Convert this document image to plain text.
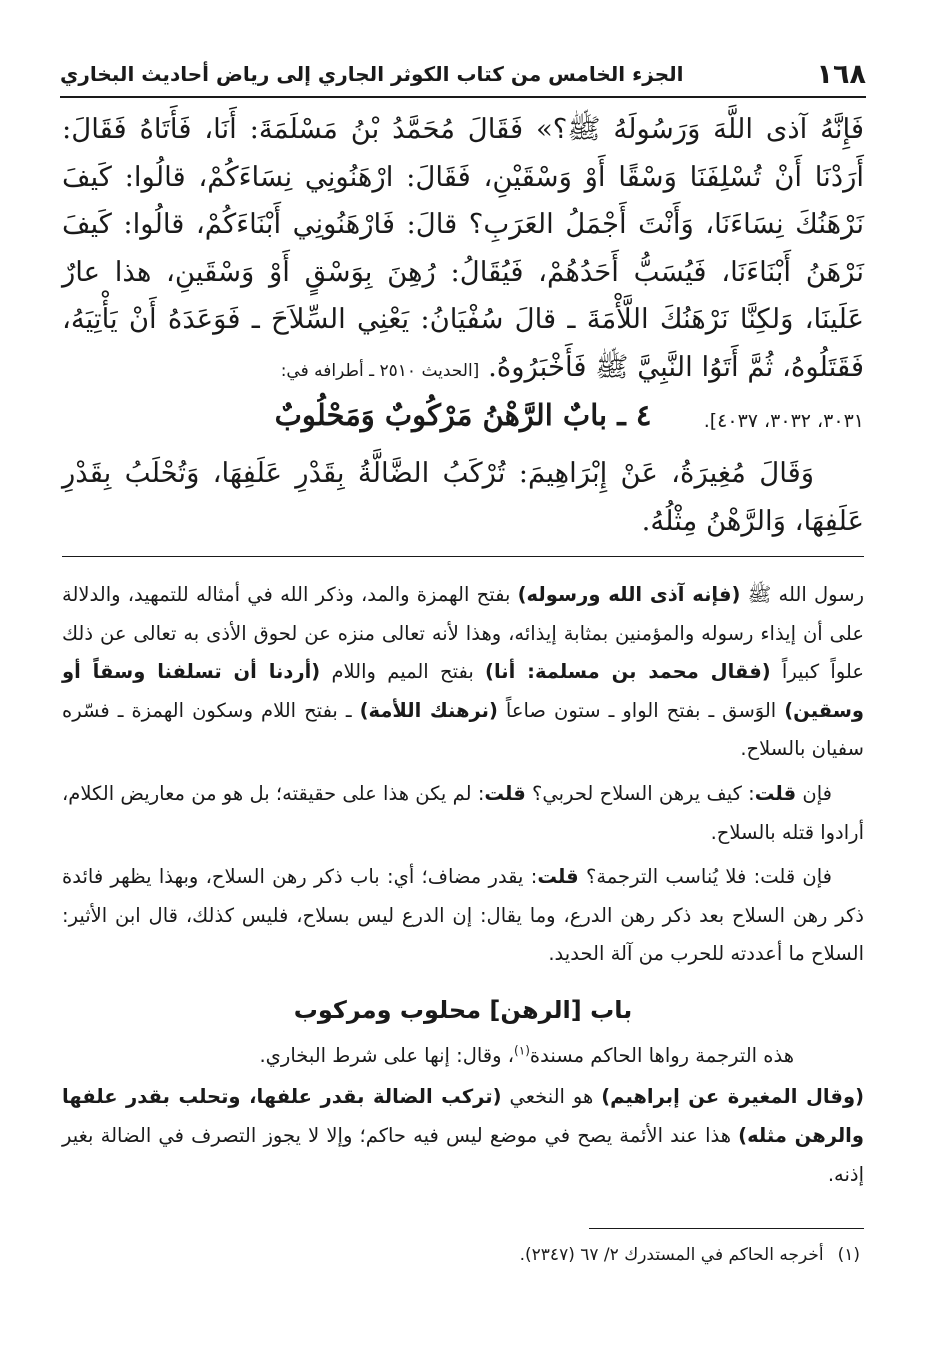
١٦٨
الجزء الخامس من كتاب الكوثر الجاري إلى رياض أحاديث البخاري

فَإِنَّهُ آذى اللَّهَ وَرَسُولَهُ ﷺ؟» فَقَالَ مُحَمَّدُ بْنُ مَسْلَمَةَ: أَنَا، فَأَتَاهُ فَقَالَ: أَرَدْنَا أَنْ تُسْلِفَنَا وَسْقًا أَوْ وَسْقَيْنِ، فَقَالَ: ارْهَنُونِي نِسَاءَكُمْ، قالُوا: كَيفَ نَرْهَنُكَ نِسَاءَنَا، وَأَنْتَ أَجْمَلُ العَرَبِ؟ قالَ: فَارْهَنُونِي أَبْنَاءَكُمْ، قالُوا: كَيفَ نَرْهَنُ أَبْنَاءَنَا، فَيُسَبُّ أَحَدُهُمْ، فَيُقَالُ: رُهِنَ بِوَسْقٍ أَوْ وَسْقَينِ، هذا عارٌ عَلَينَا، وَلكِنَّا نَرْهَنُكَ اللَّأْمَةَ ـ قالَ سُفْيَانُ: يَعْنِي السِّلاَحَ ـ فَوَعَدَهُ أَنْ يَأْتِيَهُ، فَقَتَلُوهُ، ثُمَّ أَتَوُا النَّبِيَّ ﷺ فَأَخْبَرُوهُ. [الحديث ٢٥١٠ ـ أطرافه في:

٣٠٣١، ٣٠٣٢، ٤٠٣٧].

٤ ـ بابٌ الرَّهْنُ مَرْكُوبٌ وَمَحْلُوبٌ
وَقَالَ مُغِيرَةُ، عَنْ إِبْرَاهِيمَ: تُرْكَبُ الضَّالَّةُ بِقَدْرِ عَلَفِهَا، وَتُحْلَبُ بِقَدْرِ عَلَفِهَا، وَالرَّهْنُ مِثْلُهُ.

رسول الله ﷺ (فإنه آذى الله ورسوله) بفتح الهمزة والمد، وذكر الله في أمثاله للتمهيد، والدلالة على أن إيذاء رسوله والمؤمنين بمثابة إيذائه، وهذا لأنه تعالى منزه عن لحوق الأذى به تعالى عن ذلك علواً كبيراً (فقال محمد بن مسلمة: أنا) بفتح الميم واللام (أردنا أن تسلفنا وسقاً أو وسقين) الوَسق ـ بفتح الواو ـ ستون صاعاً (نرهنك اللأمة) ـ بفتح اللام وسكون الهمزة ـ فسّره سفيان بالسلاح.

فإن قلت: كيف يرهن السلاح لحربي؟ قلت: لم يكن هذا على حقيقته؛ بل هو من معاريض الكلام، أرادوا قتله بالسلاح.

فإن قلت: فلا يُناسب الترجمة؟ قلت: يقدر مضاف؛ أي: باب ذكر رهن السلاح، وبهذا يظهر فائدة ذكر رهن السلاح بعد ذكر رهن الدرع، وما يقال: إن الدرع ليس بسلاح، فليس كذلك، قال ابن الأثير: السلاح ما أعددته للحرب من آلة الحديد.

باب [الرهن] محلوب ومركوب

هذه الترجمة رواها الحاكم مسندة$^{(١)}$، وقال: إنها على شرط البخاري.

(وقال المغيرة عن إبراهيم) هو النخعي (تركب الضالة بقدر علفها، وتحلب بقدر علفها والرهن مثله) هذا عند الأئمة يصح في موضع ليس فيه حاكم؛ وإلا لا يجوز التصرف في الضالة بغير إذنه.

(١)أخرجه الحاكم في المستدرك ٢/ ٦٧ (٢٣٤٧).
